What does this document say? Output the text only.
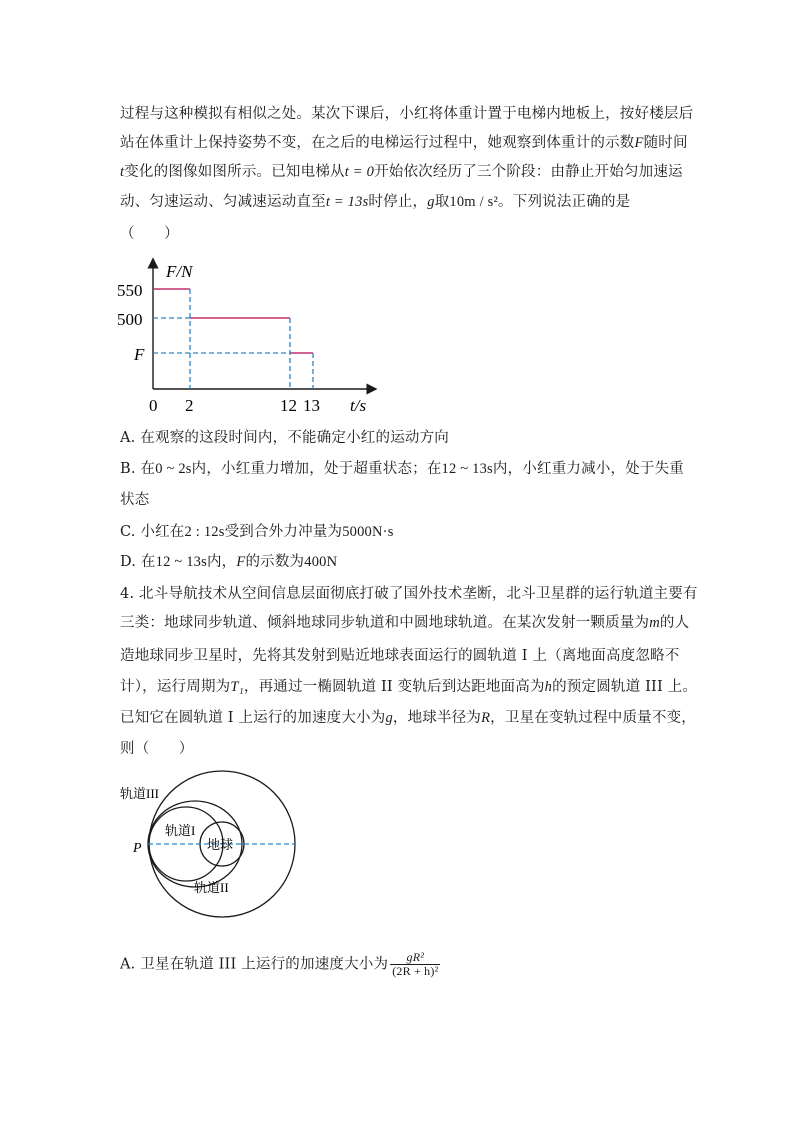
过程与这种模拟有相似之处。某次下课后，小红将体重计置于电梯内地板上，按好楼层后
站在体重计上保持姿势不变，在之后的电梯运行过程中，她观察到体重计的示数F随时间
t变化的图像如图所示。已知电梯从t = 0开始依次经历了三个阶段：由静止开始匀加速运
动、匀速运动、匀减速运动直至t = 13s时停止，g取10m / s²。下列说法正确的是
（　　）
F/N
t/s
550
500
F
0 2	12 13
A. 在观察的这段时间内，不能确定小红的运动方向
B. 在0 ~ 2s内，小红重力增加，处于超重状态；在12 ~ 13s内，小红重力减小，处于失重
状态
C. 小红在2 : 12s受到合外力冲量为5000N·s
D. 在12 ~ 13s内，F的示数为400N
4. 北斗导航技术从空间信息层面彻底打破了国外技术垄断，北斗卫星群的运行轨道主要有
三类：地球同步轨道、倾斜地球同步轨道和中圆地球轨道。在某次发射一颗质量为m的人
造地球同步卫星时，先将其发射到贴近地球表面运行的圆轨道 I 上（离地面高度忽略不
计），运行周期为T₁，再通过一椭圆轨道 II 变轨后到达距地面高为h的预定圆轨道 III 上。
已知它在圆轨道 I 上运行的加速度大小为g，地球半径为R，卫星在变轨过程中质量不变，
则（　　）
轨道III
轨道I
地球
P
轨道II
A. 卫星在轨道 III 上运行的加速度大小为 $\frac{\text{gR²}}{\text{(2R + h)²}}$
